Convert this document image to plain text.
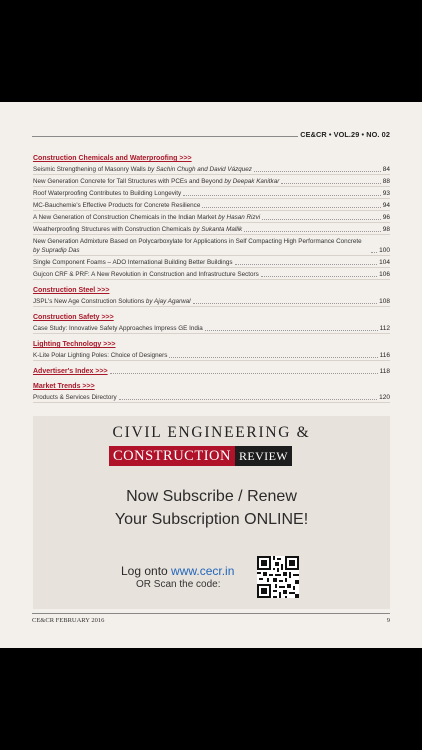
CE&CR • VOL.29 • NO. 02
Construction Chemicals and Waterproofing >>>
Seismic Strengthening of Masonry Walls by Sachin Chugh and David Vázquez	84
New Generation Concrete for Tall Structures with PCEs and Beyond by Deepak Kanitkar	88
Roof Waterproofing Contributes to Building Longevity	93
MC-Bauchemie's Effective Products for Concrete Resilience	94
A New Generation of Construction Chemicals in the Indian Market by Hasan Rizvi	96
Weatherproofing Structures with Construction Chemicals by Sukanta Mallik	98
New Generation Admixture Based on Polycarboxylate for Applications in Self Compacting High Performance Concrete by Supradip Das	100
Single Component Foams – ADO International Building Better Buildings	104
Gujcon CRF & PRF: A New Revolution in Construction and Infrastructure Sectors	106
Construction Steel >>>
JSPL's New Age Construction Solutions by Ajay Agarwal	108
Construction Safety >>>
Case Study: Innovative Safety Approaches Impress GE India	112
Lighting Technology >>>
K-Lite Polar Lighting Poles: Choice of Designers	116
Advertiser's Index >>>	118
Market Trends >>>
Products & Services Directory	120
CIVIL ENGINEERING &
CONSTRUCTION REVIEW
Now Subscribe / Renew
Your Subscription ONLINE!
Log onto www.cecr.in
OR Scan the code:
CE&CR FEBRUARY 2016	9
